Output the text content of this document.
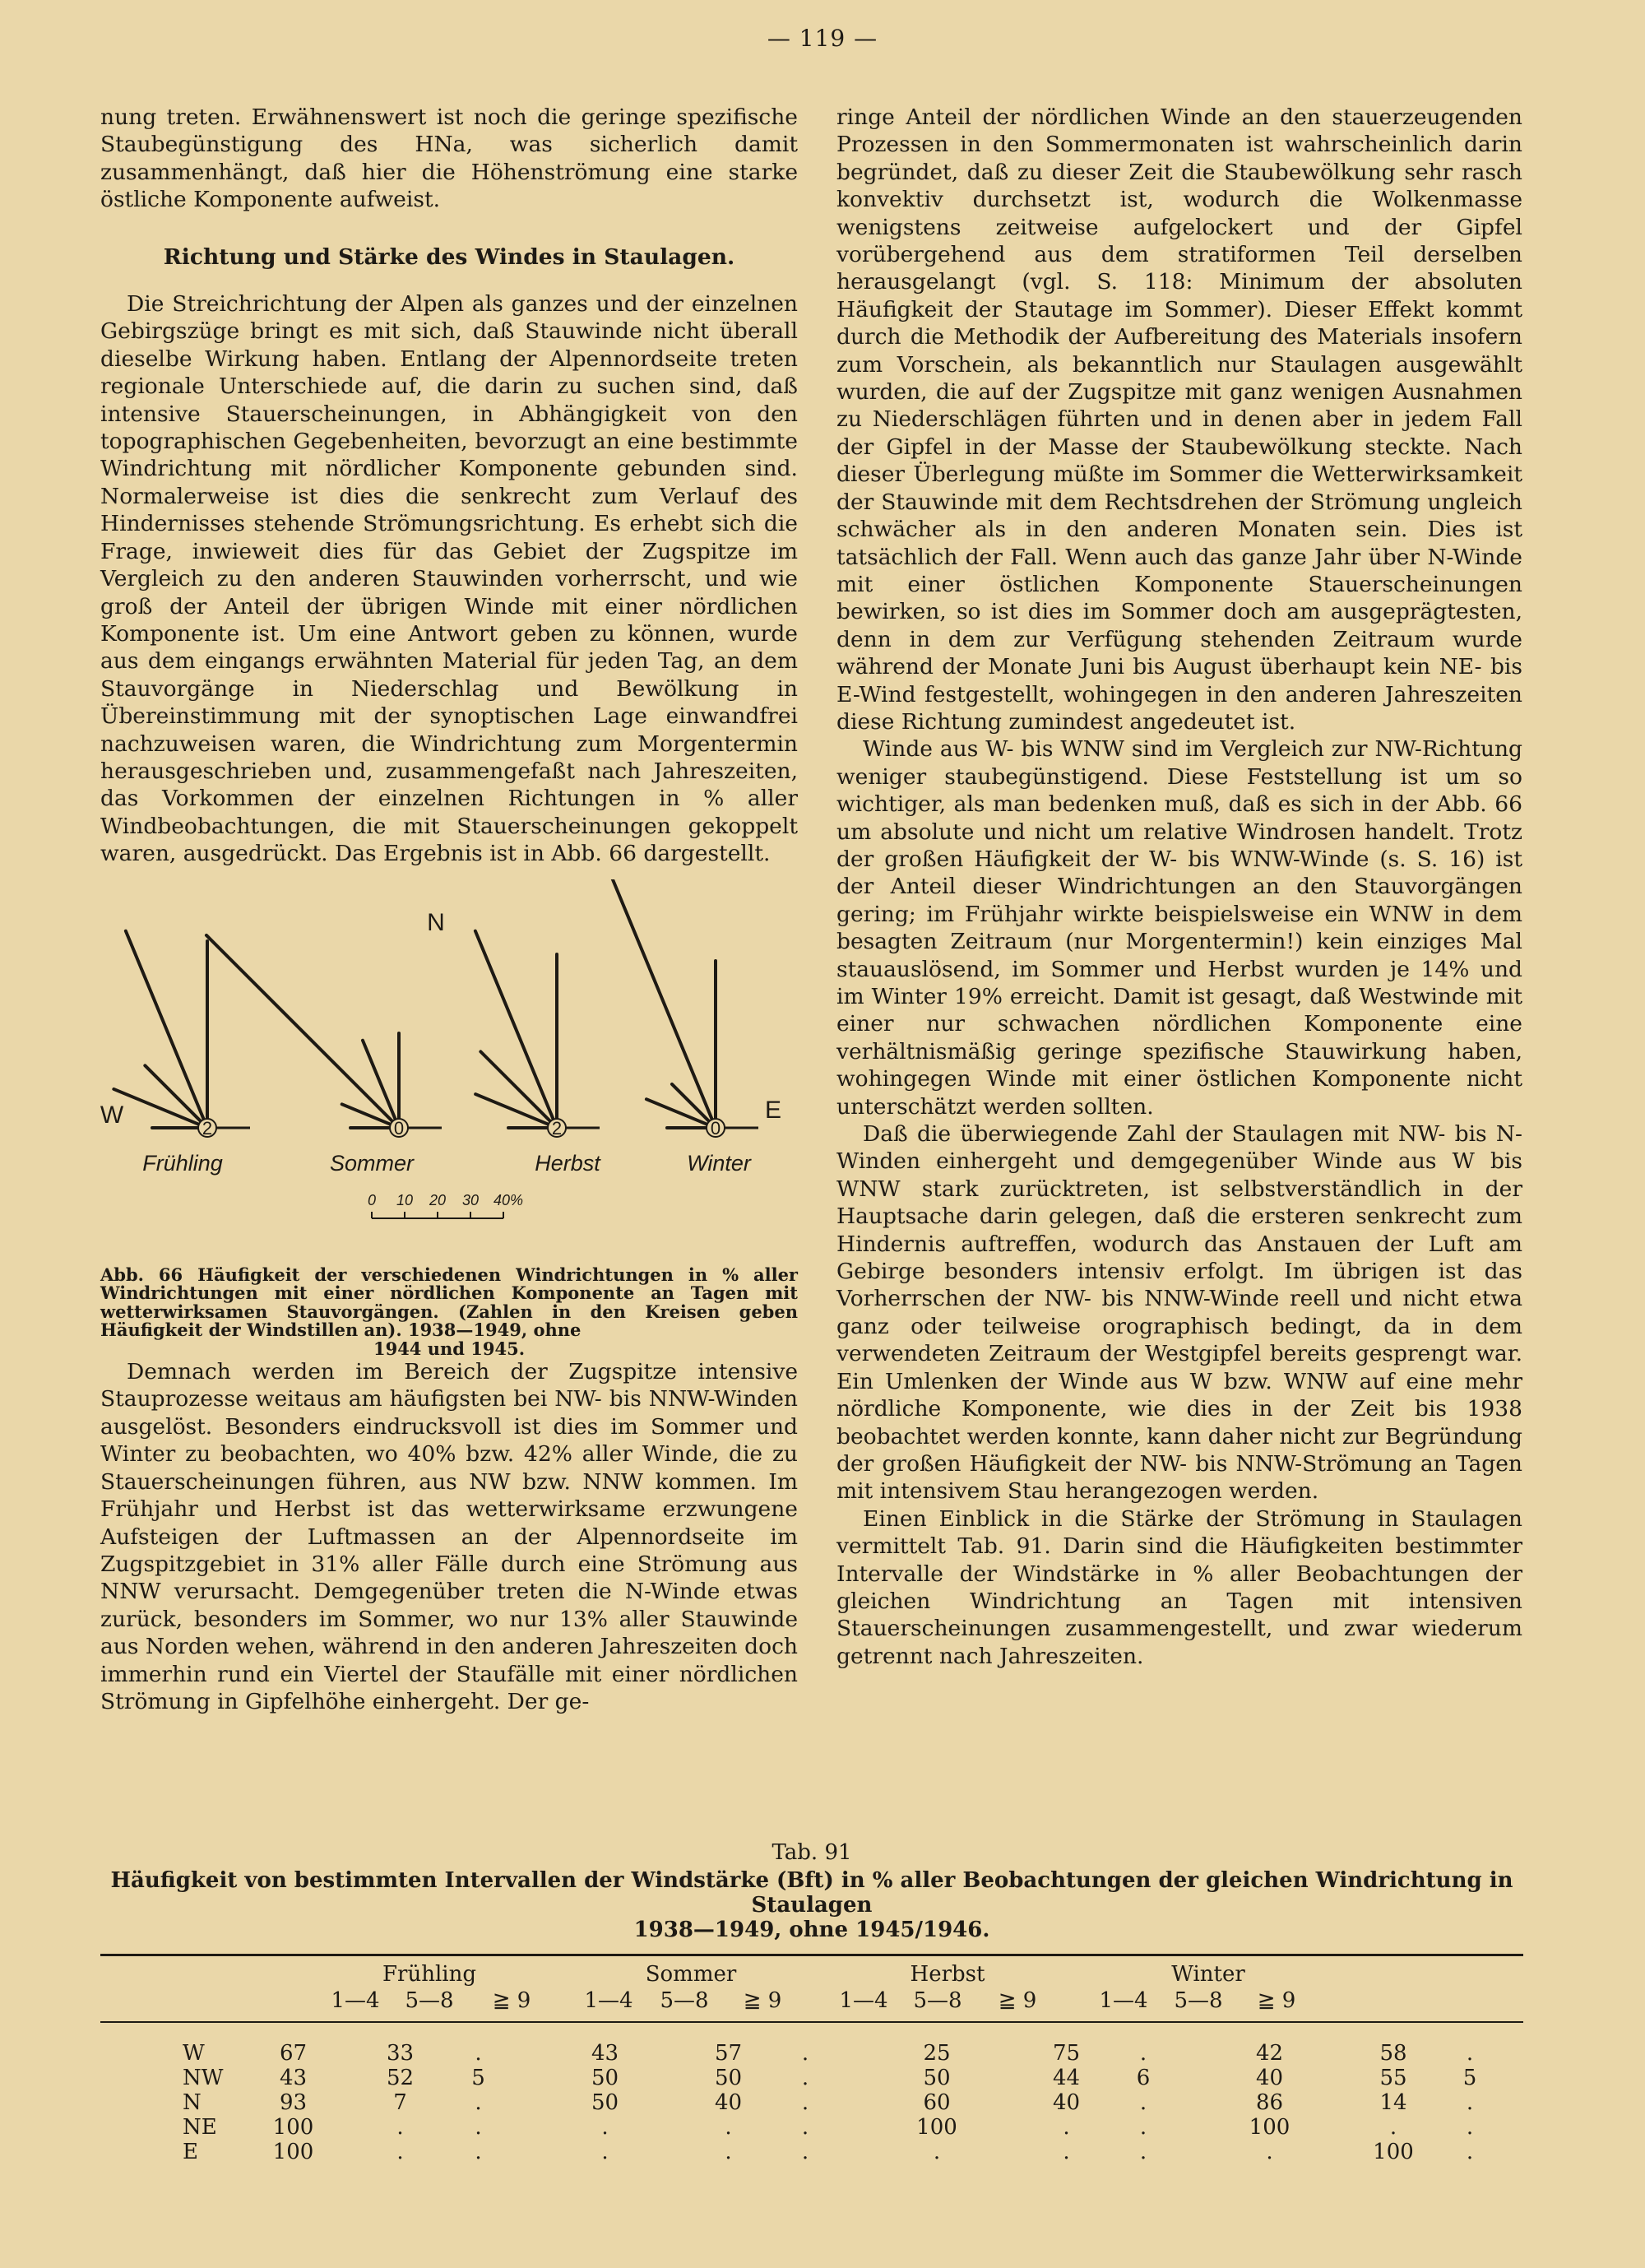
— 119 —

nung treten. Erwähnenswert ist noch die geringe spezifische Staubegünstigung des HNa, was sicherlich damit zusammenhängt, daß hier die Höhenströmung eine starke östliche Komponente aufweist.

Richtung und Stärke des Windes in Staulagen.

Die Streichrichtung der Alpen als ganzes und der einzelnen Gebirgszüge bringt es mit sich, daß Stauwinde nicht überall dieselbe Wirkung haben. Entlang der Alpennordseite treten regionale Unterschiede auf, die darin zu suchen sind, daß intensive Stauerscheinungen, in Abhängigkeit von den topographischen Gegebenheiten, bevorzugt an eine bestimmte Windrichtung mit nördlicher Komponente gebunden sind. Normalerweise ist dies die senkrecht zum Verlauf des Hindernisses stehende Strömungsrichtung. Es erhebt sich die Frage, inwieweit dies für das Gebiet der Zugspitze im Vergleich zu den anderen Stauwinden vorherrscht, und wie groß der Anteil der übrigen Winde mit einer nördlichen Komponente ist. Um eine Antwort geben zu können, wurde aus dem eingangs erwähnten Material für jeden Tag, an dem Stauvorgänge in Niederschlag und Bewölkung in Übereinstimmung mit der synoptischen Lage einwandfrei nachzuweisen waren, die Windrichtung zum Morgentermin herausgeschrieben und, zusammengefaßt nach Jahreszeiten, das Vorkommen der einzelnen Richtungen in % aller Windbeobachtungen, die mit Stauerscheinungen gekoppelt waren, ausgedrückt. Das Ergebnis ist in Abb. 66 dargestellt.

N
W	E
2
Frühling
0
Sommer
2
Herbst
0
Winter
0 10 20 30 40%

Abb. 66 Häufigkeit der verschiedenen Windrichtungen in % aller Windrichtungen mit einer nördlichen Komponente an Tagen mit wetterwirksamen Stauvorgängen. (Zahlen in den Kreisen geben Häufigkeit der Windstillen an). 1938—1949, ohne
1944 und 1945.

Demnach werden im Bereich der Zugspitze intensive Stauprozesse weitaus am häufigsten bei NW- bis NNW-Winden ausgelöst. Besonders eindrucksvoll ist dies im Sommer und Winter zu beobachten, wo 40% bzw. 42% aller Winde, die zu Stauerscheinungen führen, aus NW bzw. NNW kommen. Im Frühjahr und Herbst ist das wetterwirksame erzwungene Aufsteigen der Luftmassen an der Alpennordseite im Zugspitzgebiet in 31% aller Fälle durch eine Strömung aus NNW verursacht. Demgegenüber treten die N-Winde etwas zurück, besonders im Sommer, wo nur 13% aller Stauwinde aus Norden wehen, während in den anderen Jahreszeiten doch immerhin rund ein Viertel der Staufälle mit einer nördlichen Strömung in Gipfelhöhe einhergeht. Der ge-

ringe Anteil der nördlichen Winde an den stauerzeugenden Prozessen in den Sommermonaten ist wahrscheinlich darin begründet, daß zu dieser Zeit die Staubewölkung sehr rasch konvektiv durchsetzt ist, wodurch die Wolkenmasse wenigstens zeitweise aufgelockert und der Gipfel vorübergehend aus dem stratiformen Teil derselben herausgelangt (vgl. S. 118: Minimum der absoluten Häufigkeit der Stautage im Sommer). Dieser Effekt kommt durch die Methodik der Aufbereitung des Materials insofern zum Vorschein, als bekanntlich nur Staulagen ausgewählt wurden, die auf der Zugspitze mit ganz wenigen Ausnahmen zu Niederschlägen führten und in denen aber in jedem Fall der Gipfel in der Masse der Staubewölkung steckte. Nach dieser Überlegung müßte im Sommer die Wetterwirksamkeit der Stauwinde mit dem Rechtsdrehen der Strömung ungleich schwächer als in den anderen Monaten sein. Dies ist tatsächlich der Fall. Wenn auch das ganze Jahr über N-Winde mit einer östlichen Komponente Stauerscheinungen bewirken, so ist dies im Sommer doch am ausgeprägtesten, denn in dem zur Verfügung stehenden Zeitraum wurde während der Monate Juni bis August überhaupt kein NE- bis E-Wind festgestellt, wohingegen in den anderen Jahreszeiten diese Richtung zumindest angedeutet ist.

Winde aus W- bis WNW sind im Vergleich zur NW-Richtung weniger staubegünstigend. Diese Feststellung ist um so wichtiger, als man bedenken muß, daß es sich in der Abb. 66 um absolute und nicht um relative Windrosen handelt. Trotz der großen Häufigkeit der W- bis WNW-Winde (s. S. 16) ist der Anteil dieser Windrichtungen an den Stauvorgängen gering; im Frühjahr wirkte beispielsweise ein WNW in dem besagten Zeitraum (nur Morgentermin!) kein einziges Mal stauauslösend, im Sommer und Herbst wurden je 14% und im Winter 19% erreicht. Damit ist gesagt, daß Westwinde mit einer nur schwachen nördlichen Komponente eine verhältnismäßig geringe spezifische Stauwirkung haben, wohingegen Winde mit einer östlichen Komponente nicht unterschätzt werden sollten.

Daß die überwiegende Zahl der Staulagen mit NW- bis N-Winden einhergeht und demgegenüber Winde aus W bis WNW stark zurücktreten, ist selbstverständlich in der Hauptsache darin gelegen, daß die ersteren senkrecht zum Hindernis auftreffen, wodurch das Anstauen der Luft am Gebirge besonders intensiv erfolgt. Im übrigen ist das Vorherrschen der NW- bis NNW-Winde reell und nicht etwa ganz oder teilweise orographisch bedingt, da in dem verwendeten Zeitraum der Westgipfel bereits gesprengt war. Ein Umlenken der Winde aus W bzw. WNW auf eine mehr nördliche Komponente, wie dies in der Zeit bis 1938 beobachtet werden konnte, kann daher nicht zur Begründung der großen Häufigkeit der NW- bis NNW-Strömung an Tagen mit intensivem Stau herangezogen werden.

Einen Einblick in die Stärke der Strömung in Staulagen vermittelt Tab. 91. Darin sind die Häufigkeiten bestimmter Intervalle der Windstärke in % aller Beobachtungen der gleichen Windrichtung an Tagen mit intensiven Stauerscheinungen zusammengestellt, und zwar wiederum getrennt nach Jahreszeiten.

Tab. 91
Häufigkeit von bestimmten Intervallen der Windstärke (Bft) in % aller Beobachtungen der gleichen Windrichtung in Staulagen
1938—1949, ohne 1945/1946.
Frühling
1—4	5—8	≧ 9
Sommer
1—4	5—8	≧ 9
Herbst
1—4	5—8	≧ 9
Winter
1—4	5—8	≧ 9
W	67	33	.	43	57	.	25	75	.	42	58	.
NW	43	52	5	50	50	.	50	44	6	40	55	5
N	93	7	.	50	40	.	60	40	.	86	14	.
NE	100	.	.	.	.	.	100	.	.	100	.	.
E	100	.	.	.	.	.	.	.	.	.	100	.
